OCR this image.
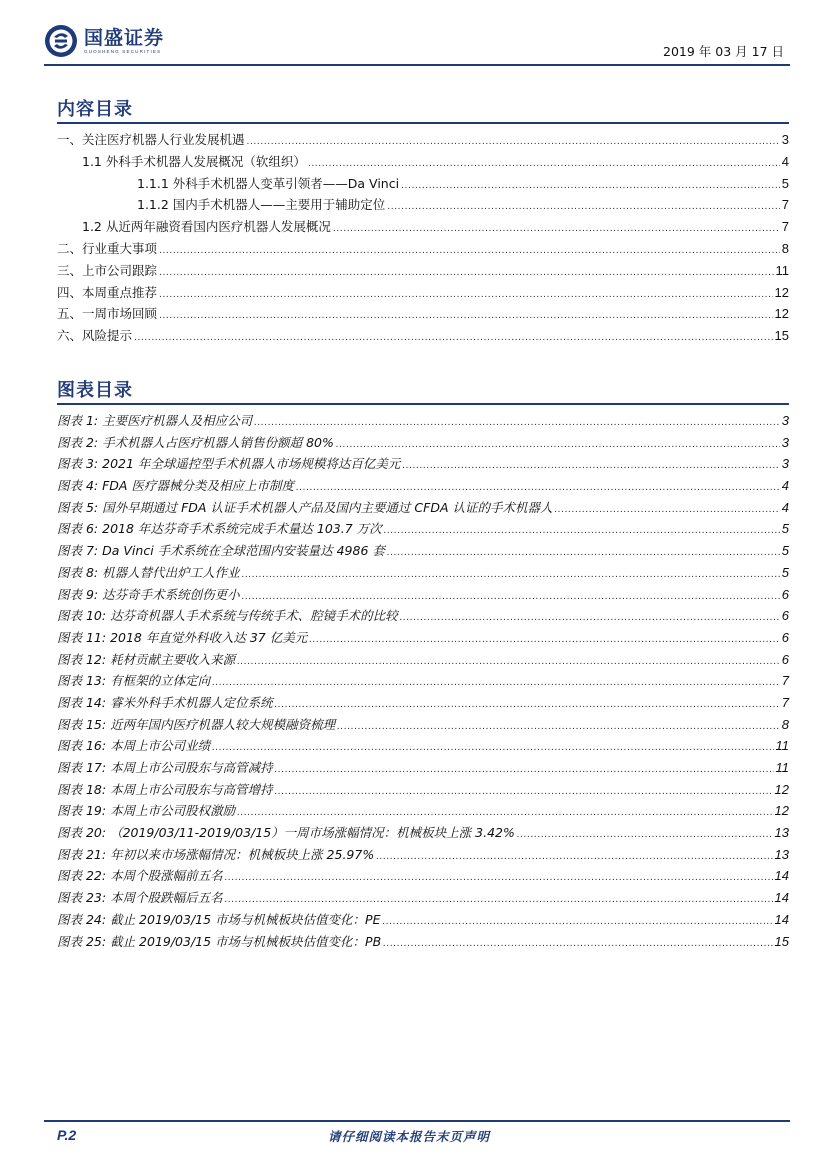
国盛证券
GUOSHENG SECURITIES	2019 年 03 月 17 日
内容目录
一、关注医疗机器人行业发展机遇 .....	3
1.1 外科手术机器人发展概况（软组织） .....	4
1.1.1 外科手术机器人变革引领者——Da Vinci .....	5
1.1.2 国内手术机器人——主要用于辅助定位 .....	7
1.2 从近两年融资看国内医疗机器人发展概况 .....	7
二、行业重大事项 .....	8
三、上市公司跟踪 .....	11
四、本周重点推荐 .....	12
五、一周市场回顾 .....	12
六、风险提示 .....	15
图表目录
图表 1: 主要医疗机器人及相应公司 .....	3
图表 2: 手术机器人占医疗机器人销售份额超 80% .....	3
图表 3: 2021 年全球遥控型手术机器人市场规模将达百亿美元 .....	3
图表 4: FDA 医疗器械分类及相应上市制度 .....	4
图表 5: 国外早期通过 FDA 认证手术机器人产品及国内主要通过 CFDA 认证的手术机器人 .....	4
图表 6: 2018 年达芬奇手术系统完成手术量达 103.7 万次 .....	5
图表 7: Da Vinci 手术系统在全球范围内安装量达 4986 套 .....	5
图表 8: 机器人替代出炉工人作业 .....	5
图表 9: 达芬奇手术系统创伤更小 .....	6
图表 10: 达芬奇机器人手术系统与传统手术、腔镜手术的比较 .....	6
图表 11: 2018 年直觉外科收入达 37 亿美元 .....	6
图表 12: 耗材贡献主要收入来源 .....	6
图表 13: 有框架的立体定向 .....	7
图表 14: 睿米外科手术机器人定位系统 .....	7
图表 15: 近两年国内医疗机器人较大规模融资梳理 .....	8
图表 16: 本周上市公司业绩 .....	11
图表 17: 本周上市公司股东与高管减持 .....	11
图表 18: 本周上市公司股东与高管增持 .....	12
图表 19: 本周上市公司股权激励 .....	12
图表 20: （2019/03/11-2019/03/15）一周市场涨幅情况：机械板块上涨 3.42% .....	13
图表 21: 年初以来市场涨幅情况：机械板块上涨 25.97% .....	13
图表 22: 本周个股涨幅前五名 .....	14
图表 23: 本周个股跌幅后五名 .....	14
图表 24: 截止 2019/03/15 市场与机械板块估值变化：PE .....	14
图表 25: 截止 2019/03/15 市场与机械板块估值变化：PB .....	15
P.2	请仔细阅读本报告末页声明
